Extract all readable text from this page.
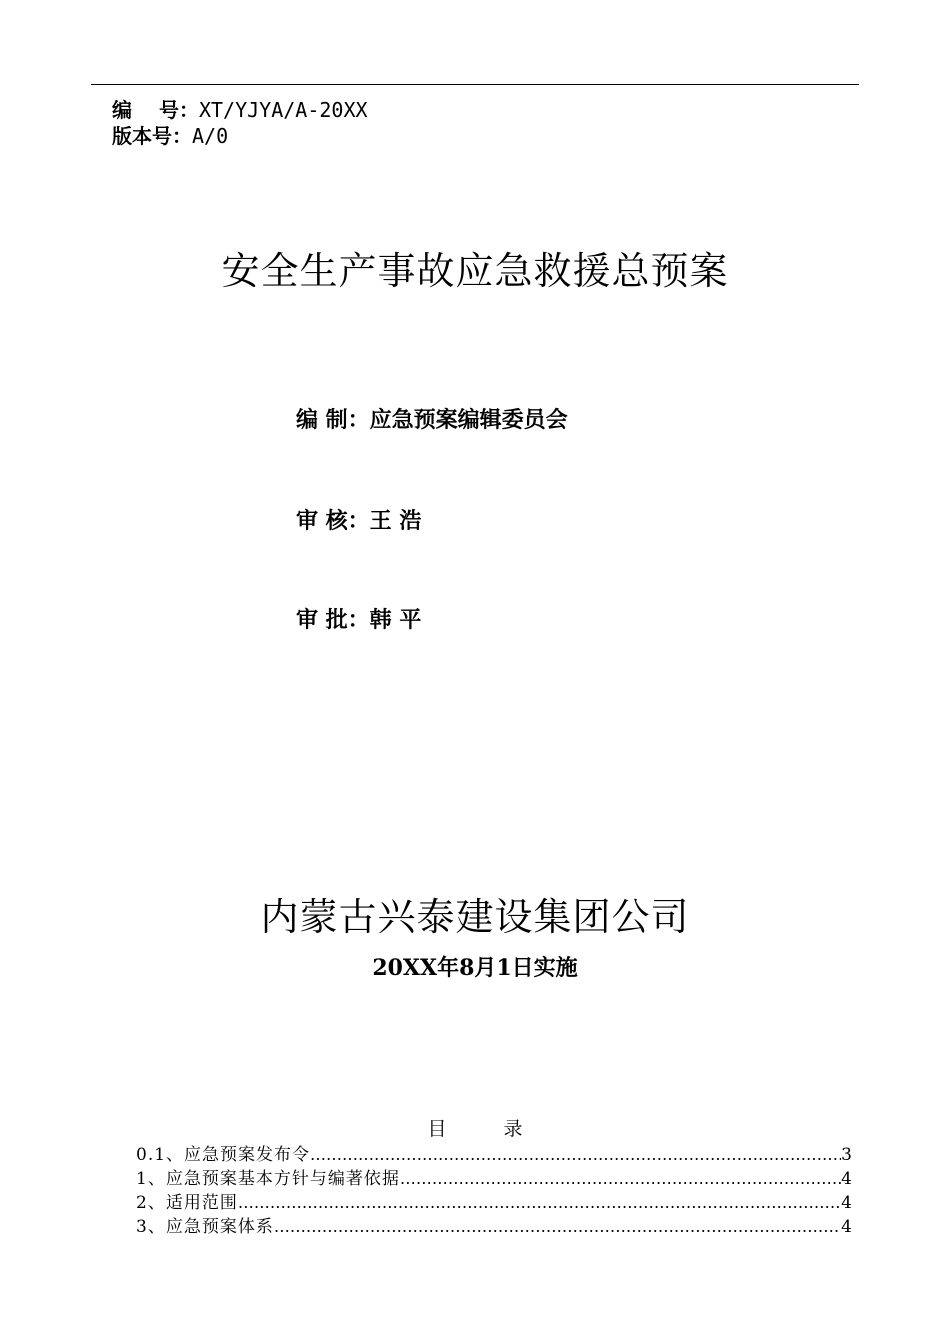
编　 号：XT/YJYA/A-20XX
版本号：A/0
安全生产事故应急救援总预案
编 制：应急预案编辑委员会
审 核：王 浩
审 批：韩 平
内蒙古兴泰建设集团公司
20XX年8月1日实施
目　　　录
0.1、应急预案发布令 ……………………………………………………………………………………………………………………………………………………………………	3
1、应急预案基本方针与编著依据 ……………………………………………………………………………………………………………………………………………………………………	4
2、适用范围 ……………………………………………………………………………………………………………………………………………………………………	4
3、应急预案体系 ……………………………………………………………………………………………………………………………………………………………………	4
